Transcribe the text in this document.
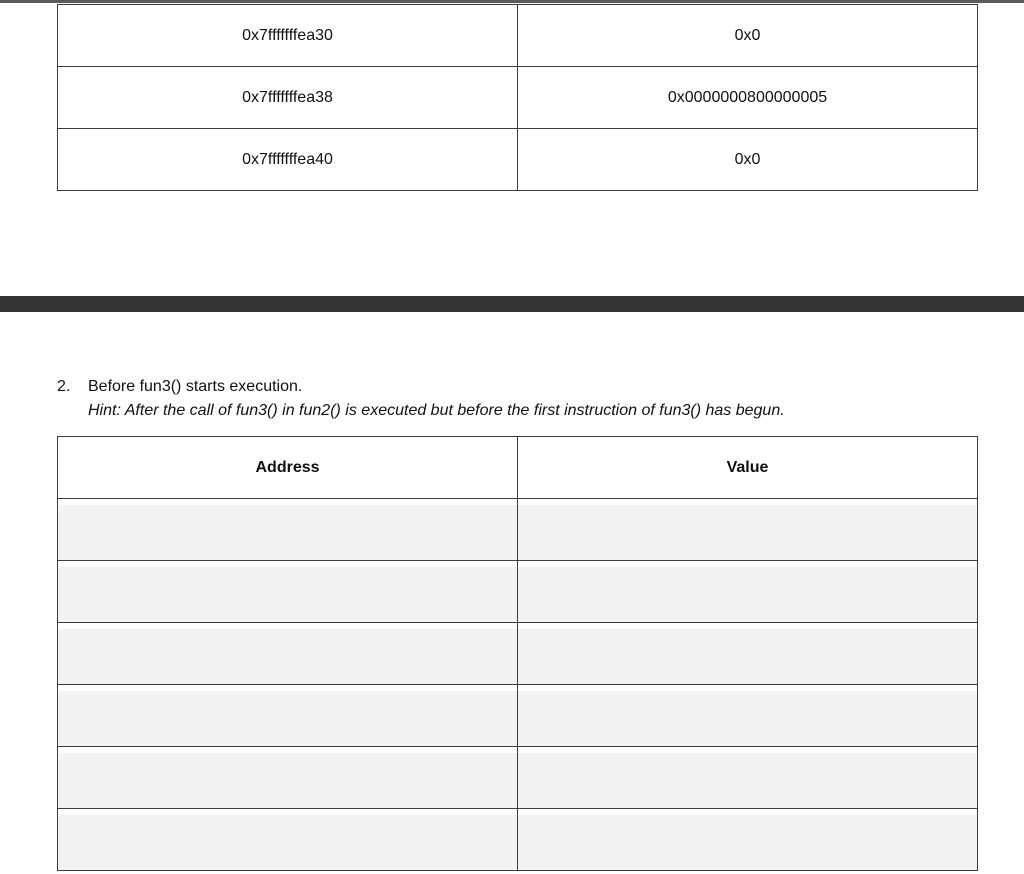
0x7fffffffea30	0x0
0x7fffffffea38	0x0000000800000005
0x7fffffffea40	0x0
2.	Before fun3() starts execution.
Hint: After the call of fun3() in fun2() is executed but before the first instruction of fun3() has begun.
Address	Value
